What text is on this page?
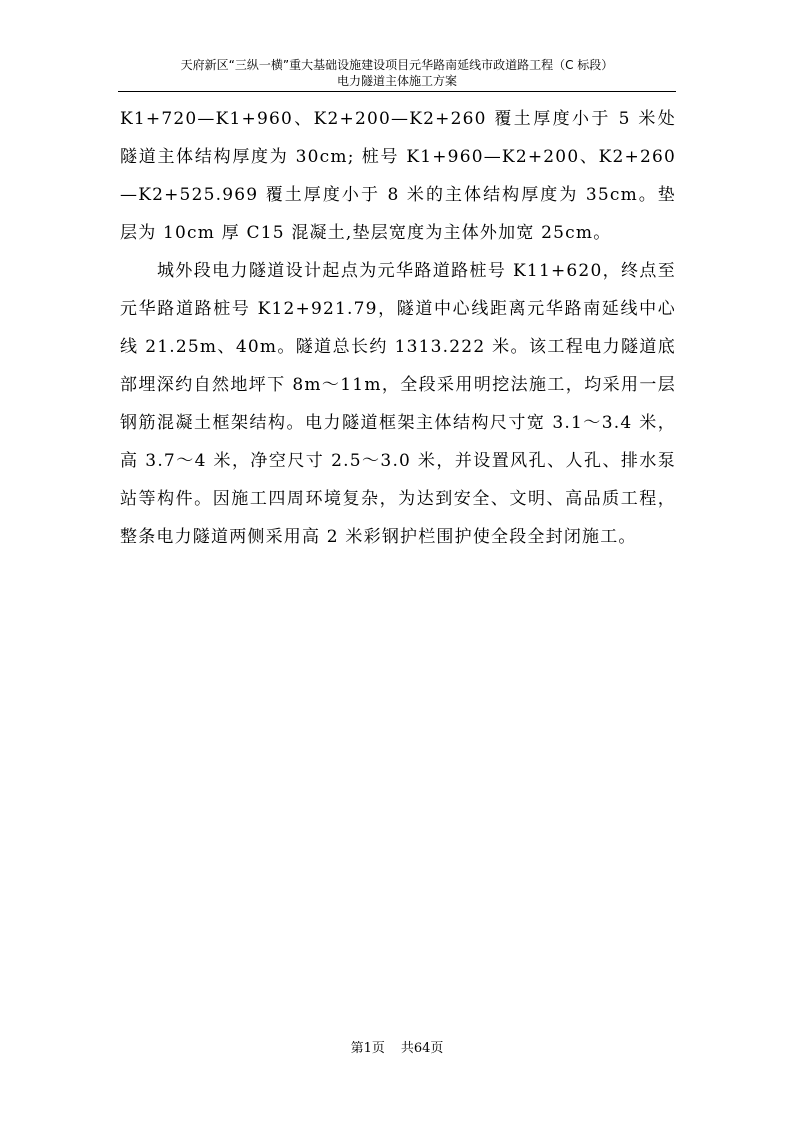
天府新区“三纵一横”重大基础设施建设项目元华路南延线市政道路工程（C 标段）
电力隧道主体施工方案

K1+720—K1+960、K2+200—K2+260 覆土厚度小于 5 米处隧道主体结构厚度为 30cm; 桩号 K1+960—K2+200、K2+260—K2+525.969 覆土厚度小于 8 米的主体结构厚度为 35cm。垫层为 10cm 厚 C15 混凝土,垫层宽度为主体外加宽 25cm。

城外段电力隧道设计起点为元华路道路桩号 K11+620，终点至元华路道路桩号 K12+921.79，隧道中心线距离元华路南延线中心线 21.25m、40m。隧道总长约 1313.222 米。该工程电力隧道底部埋深约自然地坪下 8m～11m，全段采用明挖法施工，均采用一层钢筋混凝土框架结构。电力隧道框架主体结构尺寸宽 3.1～3.4 米，高 3.7～4 米，净空尺寸 2.5～3.0 米，并设置风孔、人孔、排水泵站等构件。因施工四周环境复杂，为达到安全、文明、高品质工程，整条电力隧道两侧采用高 2 米彩钢护栏围护使全段全封闭施工。

第1页 共64页
